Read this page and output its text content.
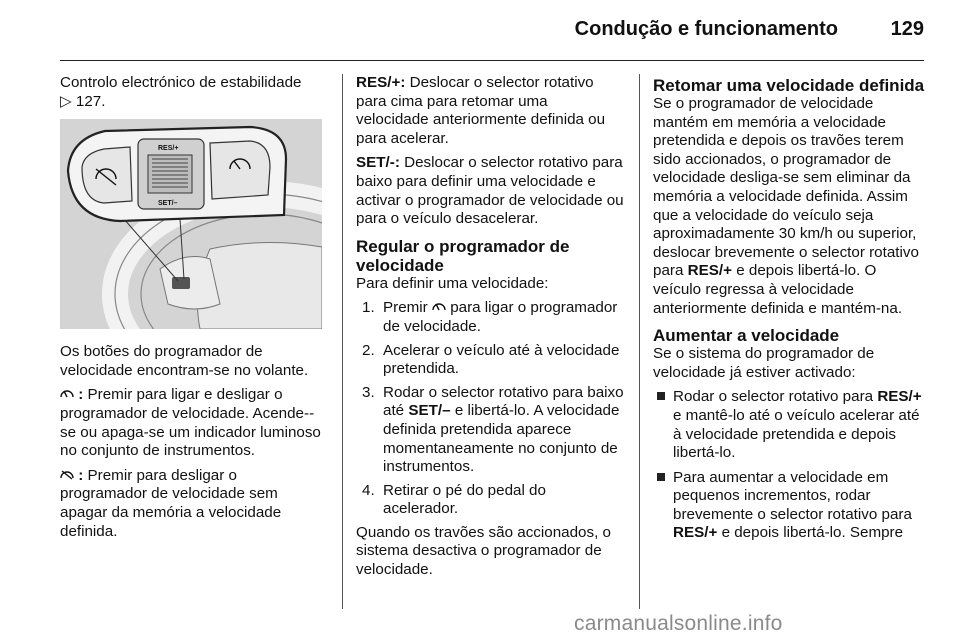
Condução e funcionamento	129

Controlo electrónico de estabilidade
▷ 127.

RES/+
SET/–

Os botões do programador de velocidade encontram-se no volante.

: Premir para ligar e desligar o programador de velocidade. Acende--se ou apaga-se um indicador luminoso no conjunto de instrumentos.

: Premir para desligar o programador de velocidade sem apagar da memória a velocidade definida.

RES/+: Deslocar o selector rotativo para cima para retomar uma velocidade anteriormente definida ou para acelerar.

SET/-: Deslocar o selector rotativo para baixo para definir uma velocidade e activar o programador de velocidade ou para o veículo desacelerar.

Regular o programador de velocidade

Para definir uma velocidade:

1. Premir para ligar o programador de velocidade.
2. Acelerar o veículo até à velocidade pretendida.
3. Rodar o selector rotativo para baixo até SET/– e libertá-lo. A velocidade definida pretendida aparece momentaneamente no conjunto de instrumentos.
4. Retirar o pé do pedal do acelerador.

Quando os travões são accionados, o sistema desactiva o programador de velocidade.

Retomar uma velocidade definida

Se o programador de velocidade mantém em memória a velocidade pretendida e depois os travões terem sido accionados, o programador de velocidade desliga-se sem eliminar da memória a velocidade definida. Assim que a velocidade do veículo seja aproximadamente 30 km/h ou superior, deslocar brevemente o selector rotativo para RES/+ e depois libertá-lo. O veículo regressa à velocidade anteriormente definida e mantém-na.

Aumentar a velocidade

Se o sistema do programador de velocidade já estiver activado:

Rodar o selector rotativo para RES/+ e mantê-lo até o veículo acelerar até à velocidade pretendida e depois libertá-lo.
Para aumentar a velocidade em pequenos incrementos, rodar brevemente o selector rotativo para RES/+ e depois libertá-lo. Sempre
carmanualsonline.info
